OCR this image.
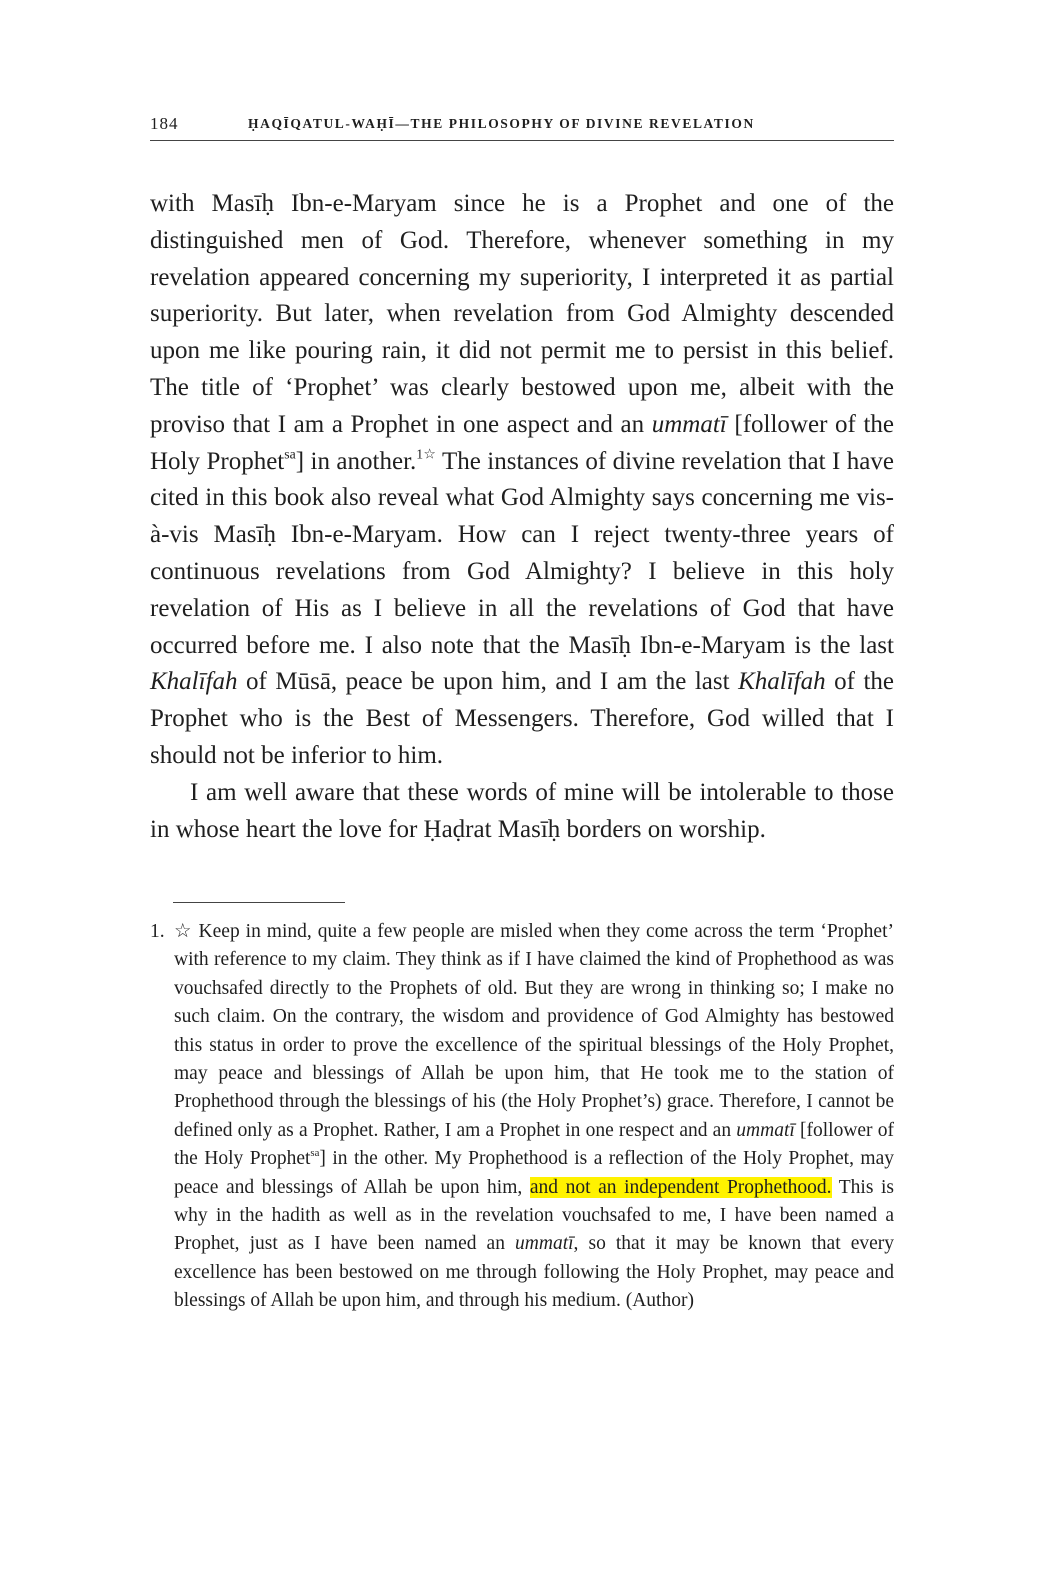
184	ḤAQĪQATUL-WAḤĪ—THE PHILOSOPHY OF DIVINE REVELATION

with Masīḥ Ibn-e-Maryam since he is a Prophet and one of the distinguished men of God. Therefore, whenever something in my revelation appeared concerning my superiority, I interpreted it as partial superiority. But later, when revelation from God Almighty descended upon me like pouring rain, it did not permit me to persist in this belief. The title of ‘Prophet’ was clearly bestowed upon me, albeit with the proviso that I am a Prophet in one aspect and an ummatī [follower of the Holy Prophet$^{sa}$] in another.$^{1☆}$ The instances of divine revelation that I have cited in this book also reveal what God Almighty says concerning me vis-à-vis Masīḥ Ibn-e-Maryam. How can I reject twenty-three years of continuous revelations from God Almighty? I believe in this holy revelation of His as I believe in all the revelations of God that have occurred before me. I also note that the Masīḥ Ibn-e-Maryam is the last Khalīfah of Mūsā, peace be upon him, and I am the last Khalīfah of the Prophet who is the Best of Messengers. Therefore, God willed that I should not be inferior to him.

I am well aware that these words of mine will be intolerable to those in whose heart the love for Ḥaḍrat Masīḥ borders on worship.

1. ☆ Keep in mind, quite a few people are misled when they come across the term ‘Prophet’ with reference to my claim. They think as if I have claimed the kind of Prophethood as was vouchsafed directly to the Prophets of old. But they are wrong in thinking so; I make no such claim. On the contrary, the wisdom and providence of God Almighty has bestowed this status in order to prove the excellence of the spiritual blessings of the Holy Prophet, may peace and blessings of Allah be upon him, that He took me to the station of Prophethood through the blessings of his (the Holy Prophet’s) grace. Therefore, I cannot be defined only as a Prophet. Rather, I am a Prophet in one respect and an ummatī [follower of the Holy Prophet$^{sa}$] in the other. My Prophethood is a reflection of the Holy Prophet, may peace and blessings of Allah be upon him, and not an independent Prophethood. This is why in the hadith as well as in the revelation vouchsafed to me, I have been named a Prophet, just as I have been named an ummatī, so that it may be known that every excellence has been bestowed on me through following the Holy Prophet, may peace and blessings of Allah be upon him, and through his medium. (Author)
